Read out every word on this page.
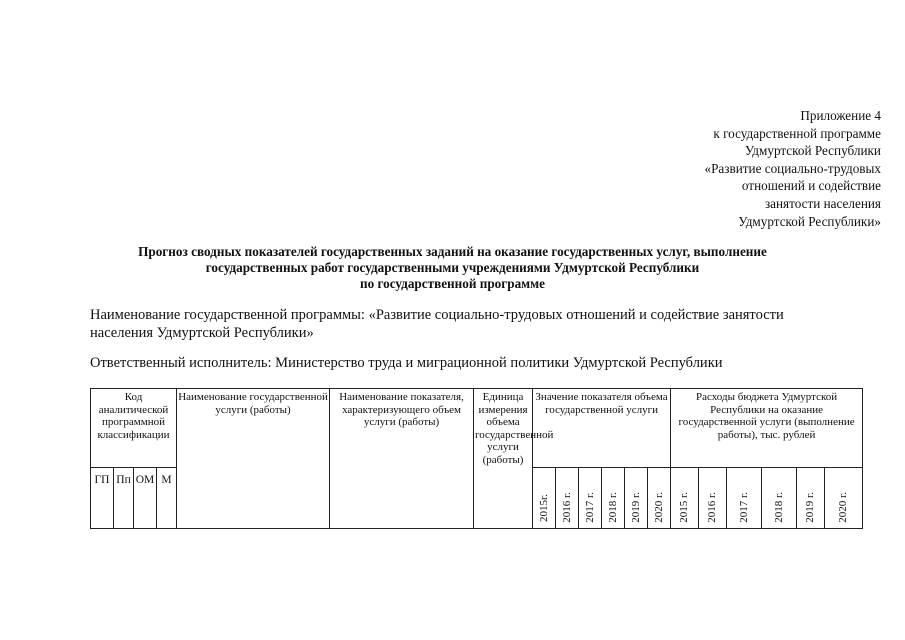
Приложение 4
к государственной программе
Удмуртской Республики
«Развитие социально-трудовых
отношений и содействие
занятости населения
Удмуртской Республики»
Прогноз сводных показателей государственных заданий на оказание государственных услуг, выполнение
государственных работ государственными учреждениями Удмуртской Республики
по государственной программе
Наименование государственной программы: «Развитие социально-трудовых отношений и содействие занятости населения Удмуртской Республики»
Ответственный исполнитель: Министерство труда и миграционной политики Удмуртской Республики
Код аналитической программной классификации				Наименование государственной услуги (работы)	Наименование показателя, характеризующего объем услуги (работы)	Единица измерения объема государственной услуги (работы)	Значение показателя объема государственной услуги						Расходы бюджета Удмуртской Республики на оказание государственной услуги (выполнение работы), тыс. рублей					

ГП	Пп	ОМ	М				2015г.	2016 г.	2017 г.	2018 г.	2019 г.	2020 г.	2015 г.	2016 г.	2017 г.	2018 г.	2019 г.	2020 г.
